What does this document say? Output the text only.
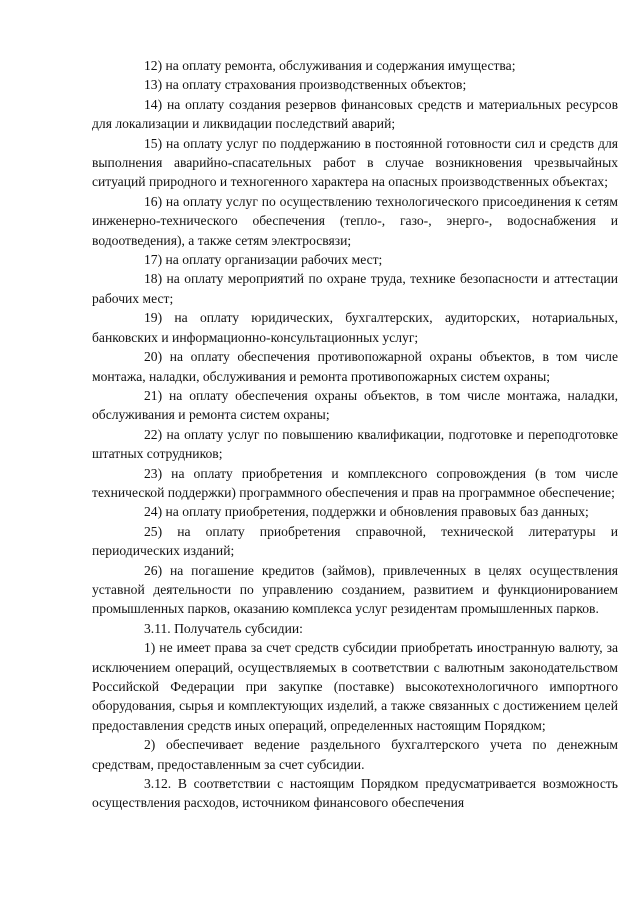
12) на оплату ремонта, обслуживания и содержания имущества;

13) на оплату страхования производственных объектов;

14) на оплату создания резервов финансовых средств и материальных ресурсов для локализации и ликвидации последствий аварий;

15) на оплату услуг по поддержанию в постоянной готовности сил и средств для выполнения аварийно-спасательных работ в случае возникновения чрезвычайных ситуаций природного и техногенного характера на опасных производственных объектах;

16) на оплату услуг по осуществлению технологического присоединения к сетям инженерно-технического обеспечения (тепло-, газо-, энерго-, водоснабжения и водоотведения), а также сетям электросвязи;

17) на оплату организации рабочих мест;

18) на оплату мероприятий по охране труда, технике безопасности и аттестации рабочих мест;

19) на оплату юридических, бухгалтерских, аудиторских, нотариальных, банковских и информационно-консультационных услуг;

20) на оплату обеспечения противопожарной охраны объектов, в том числе монтажа, наладки, обслуживания и ремонта противопожарных систем охраны;

21) на оплату обеспечения охраны объектов, в том числе монтажа, наладки, обслуживания и ремонта систем охраны;

22) на оплату услуг по повышению квалификации, подготовке и переподготовке штатных сотрудников;

23) на оплату приобретения и комплексного сопровождения (в том числе технической поддержки) программного обеспечения и прав на программное обеспечение;

24) на оплату приобретения, поддержки и обновления правовых баз данных;

25) на оплату приобретения справочной, технической литературы и периодических изданий;

26) на погашение кредитов (займов), привлеченных в целях осуществления уставной деятельности по управлению созданием, развитием и функционированием промышленных парков, оказанию комплекса услуг резидентам промышленных парков.

3.11. Получатель субсидии:

1) не имеет права за счет средств субсидии приобретать иностранную валюту, за исключением операций, осуществляемых в соответствии с валютным законодательством Российской Федерации при закупке (поставке) высокотехнологичного импортного оборудования, сырья и комплектующих изделий, а также связанных с достижением целей предоставления средств иных операций, определенных настоящим Порядком;

2) обеспечивает ведение раздельного бухгалтерского учета по денежным средствам, предоставленным за счет субсидии.

3.12. В соответствии с настоящим Порядком предусматривается возможность осуществления расходов, источником финансового обеспечения
